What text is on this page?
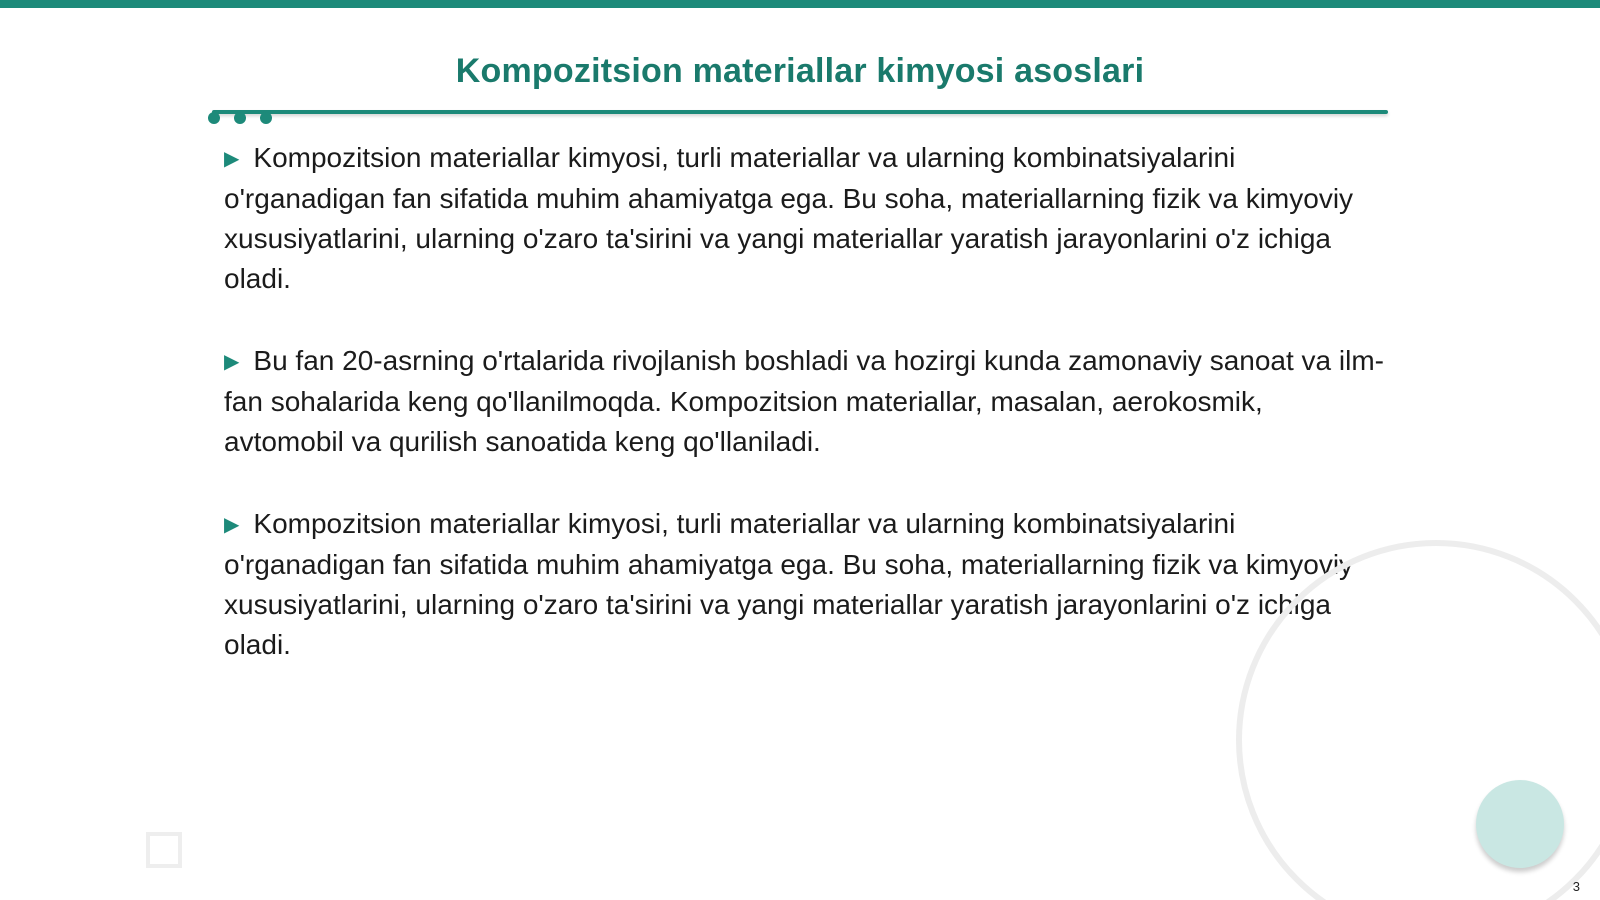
Kompozitsion materiallar kimyosi asoslari

▶ Kompozitsion materiallar kimyosi, turli materiallar va ularning kombinatsiyalarini o'rganadigan fan sifatida muhim ahamiyatga ega. Bu soha, materiallarning fizik va kimyoviy xususiyatlarini, ularning o'zaro ta'sirini va yangi materiallar yaratish jarayonlarini o'z ichiga oladi.

▶ Bu fan 20-asrning o'rtalarida rivojlanish boshladi va hozirgi kunda zamonaviy sanoat va ilm-fan sohalarida keng qo'llanilmoqda. Kompozitsion materiallar, masalan, aerokosmik, avtomobil va qurilish sanoatida keng qo'llaniladi.

▶ Kompozitsion materiallar kimyosi, turli materiallar va ularning kombinatsiyalarini o'rganadigan fan sifatida muhim ahamiyatga ega. Bu soha, materiallarning fizik va kimyoviy xususiyatlarini, ularning o'zaro ta'sirini va yangi materiallar yaratish jarayonlarini o'z ichiga oladi.

3
